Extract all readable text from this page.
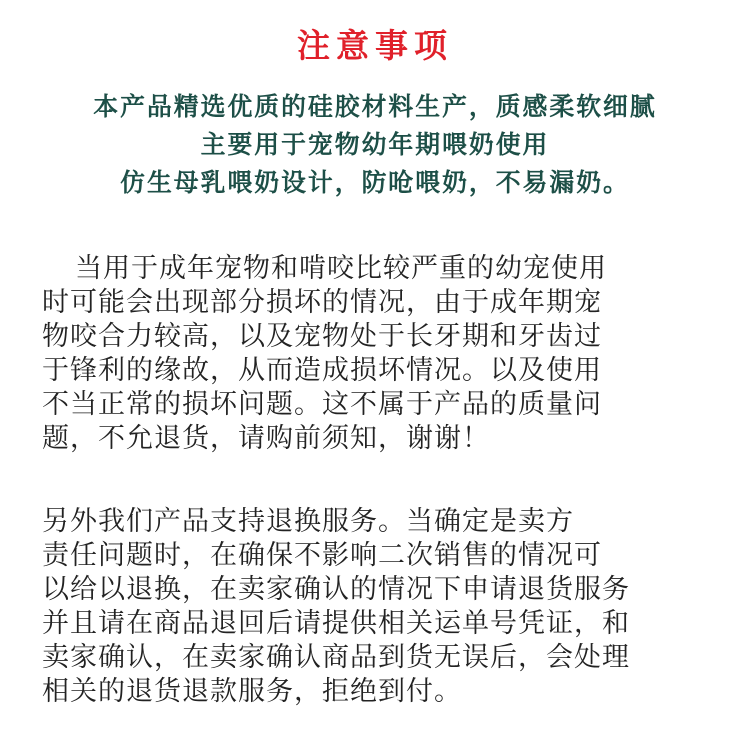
注意事项
本产品精选优质的硅胶材料生产，质感柔软细腻
主要用于宠物幼年期喂奶使用
仿生母乳喂奶设计，防呛喂奶，不易漏奶。
当用于成年宠物和啃咬比较严重的幼宠使用
时可能会出现部分损坏的情况，由于成年期宠
物咬合力较高，以及宠物处于长牙期和牙齿过
于锋利的缘故，从而造成损坏情况。以及使用
不当正常的损坏问题。这不属于产品的质量问
题，不允退货，请购前须知，谢谢！
另外我们产品支持退换服务。当确定是卖方
责任问题时，在确保不影响二次销售的情况可
以给以退换，在卖家确认的情况下申请退货服务
并且请在商品退回后请提供相关运单号凭证，和
卖家确认，在卖家确认商品到货无误后，会处理
相关的退货退款服务，拒绝到付。
